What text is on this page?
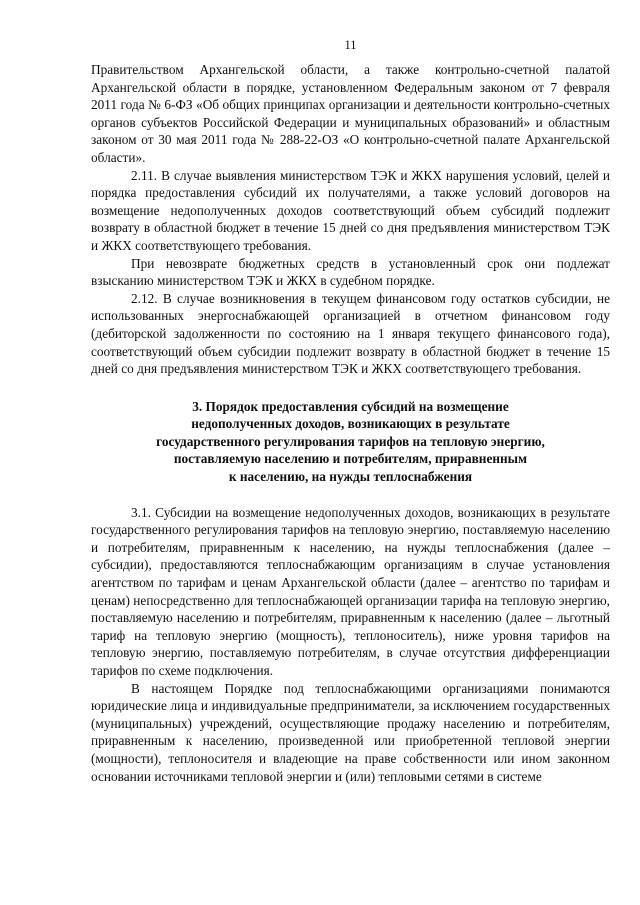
11

Правительством Архангельской области, а также контрольно-счетной палатой Архангельской области в порядке, установленном Федеральным законом от 7 февраля 2011 года № 6-ФЗ «Об общих принципах организации и деятельности контрольно-счетных органов субъектов Российской Федерации и муниципальных образований» и областным законом от 30 мая 2011 года № 288-22-ОЗ «О контрольно-счетной палате Архангельской области».

2.11. В случае выявления министерством ТЭК и ЖКХ нарушения условий, целей и порядка предоставления субсидий их получателями, а также условий договоров на возмещение недополученных доходов соответствующий объем субсидий подлежит возврату в областной бюджет в течение 15 дней со дня предъявления министерством ТЭК и ЖКХ соответствующего требования.

При невозврате бюджетных средств в установленный срок они подлежат взысканию министерством ТЭК и ЖКХ в судебном порядке.

2.12. В случае возникновения в текущем финансовом году остатков субсидии, не использованных энергоснабжающей организацией в отчетном финансовом году (дебиторской задолженности по состоянию на 1 января текущего финансового года), соответствующий объем субсидии подлежит возврату в областной бюджет в течение 15 дней со дня предъявления министерством ТЭК и ЖКХ соответствующего требования.

3. Порядок предоставления субсидий на возмещение
недополученных доходов, возникающих в результате
государственного регулирования тарифов на тепловую энергию,
поставляемую населению и потребителям, приравненным
к населению, на нужды теплоснабжения

3.1. Субсидии на возмещение недополученных доходов, возникающих в результате государственного регулирования тарифов на тепловую энергию, поставляемую населению и потребителям, приравненным к населению, на нужды теплоснабжения (далее – субсидии), предоставляются теплоснабжающим организациям в случае установления агентством по тарифам и ценам Архангельской области (далее – агентство по тарифам и ценам) непосредственно для теплоснабжающей организации тарифа на тепловую энергию, поставляемую населению и потребителям, приравненным к населению (далее – льготный тариф на тепловую энергию (мощность), теплоноситель), ниже уровня тарифов на тепловую энергию, поставляемую потребителям, в случае отсутствия дифференциации тарифов по схеме подключения.

В настоящем Порядке под теплоснабжающими организациями понимаются юридические лица и индивидуальные предприниматели, за исключением государственных (муниципальных) учреждений, осуществляющие продажу населению и потребителям, приравненным к населению, произведенной или приобретенной тепловой энергии (мощности), теплоносителя и владеющие на праве собственности или ином законном основании источниками тепловой энергии и (или) тепловыми сетями в системе
